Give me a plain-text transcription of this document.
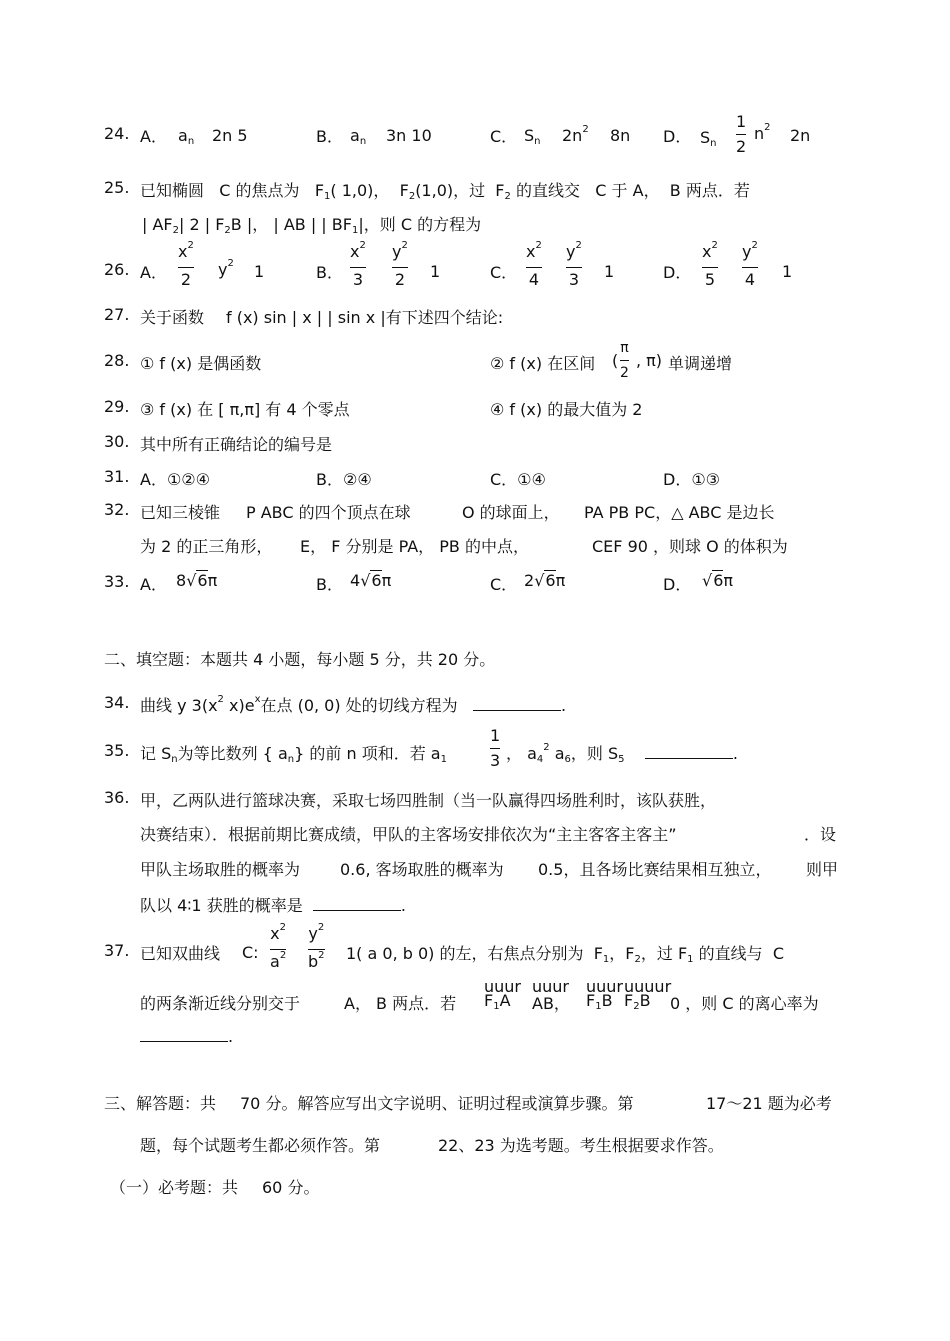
24. A． an 2n 5	B． an 3n 10	C． Sn $2n^2$ 8n D． Sn
1
2
$n^2$ 2n
25. 已知椭圆 C 的焦点为 F1( 1,0)， F2(1,0)，过 F2 的直线交 C 于 A， B 两点．若
| AF2| 2 | F2B |， | AB | | BF1|，则 C 的方程为
26. A．
$x^2$
2
$y^2$ 1	B．
$x^2$
3
$y^2$
2 1	C．
$x^2$
4
$y^2$
3 1	D．
$x^2$
5
$y^2$
4 1
27. 关于函数 f (x) sin | x | | sin x |有下述四个结论:
28. ① f (x) 是偶函数	② f (x) 在区间 (
π
2
, π) 单调递增
29. ③ f (x) 在 [ π,π] 有 4 个零点	④ f (x) 的最大值为 2
30. 其中所有正确结论的编号是
31. A．①②④	B．②④	C．①④	D．①③
32. 已知三棱锥 P ABC 的四个顶点在球	O 的球面上， PA PB PC，△ ABC 是边长
为 2 的正三角形， E， F 分别是 PA， PB 的中点，	CEF 90 ，则球 O 的体积为
33. A． 8√6π	B． 4√6π	C． 2√6π	D． √6π
二、填空题：本题共 4 小题，每小题 5 分，共 20 分。
34. 曲线 y $3(x^2$ $x)e^x$在点 (0, 0) 处的切线方程为	.
35. 记 Sn为等比数列 { an} 的前 n 项和．若 a1
1
3 ， $a4^2$ a6，则 S5	.
36. 甲，乙两队进行篮球决赛，采取七场四胜制（当一队赢得四场胜利时，该队获胜，
决赛结束）．根据前期比赛成绩，甲队的主客场安排依次为“主主客客主客主”	．设
甲队主场取胜的概率为 0.6, 客场取胜的概率为 0.5，且各场比赛结果相互独立， 则甲
队以 4∶1 获胜的概率是	.
37. 已知双曲线 C:
$x^2$
$a^2$
$y^2$
$b^2$ 1( a 0, b 0) 的左，右焦点分别为 F1，F2，过 F1 的直线与 C
的两条渐近线分别交于	A， B 两点．若
uuur
F1A
uuur
AB，
uuur
F1B
uuuur
F2B 0 ，则 C 的离心率为
.
三、解答题：共 70 分。解答应写出文字说明、证明过程或演算步骤。第	17～21 题为必考
题，每个试题考生都必须作答。第	22、23 为选考题。考生根据要求作答。
（一）必考题：共 60 分。
